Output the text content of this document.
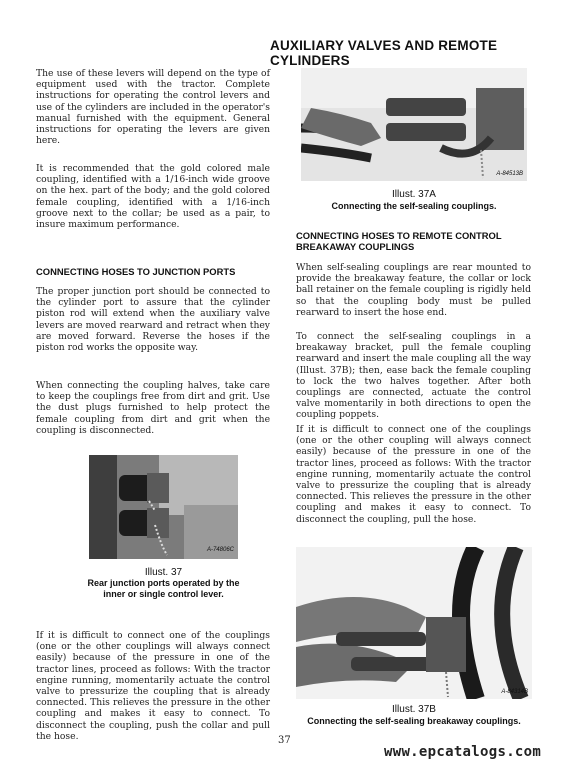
AUXILIARY VALVES AND REMOTE CYLINDERS

The use of these levers will depend on the type of equipment used with the tractor. Complete instructions for operating the control levers and use of the cylinders are included in the operator's manual furnished with the equipment. General instructions for operating the levers are given here.

It is recommended that the gold colored male coupling, identified with a 1/16-inch wide groove on the hex. part of the body; and the gold colored female coupling, identified with a 1/16-inch groove next to the collar; be used as a pair, to insure maximum performance.

CONNECTING HOSES TO JUNCTION PORTS

The proper junction port should be connected to the cylinder port to assure that the cylinder piston rod will extend when the auxiliary valve levers are moved rearward and retract when they are moved forward. Reverse the hoses if the piston rod works the opposite way.

When connecting the coupling halves, take care to keep the couplings free from dirt and grit. Use the dust plugs furnished to help protect the female coupling from dirt and grit when the coupling is disconnected.

A-74806C

Illust. 37

Rear junction ports operated by the inner or single control lever.

If it is difficult to connect one of the couplings (one or the other couplings will always connect easily) because of the pressure in one of the tractor lines, proceed as follows: With the tractor engine running, momentarily actuate the control valve to pressurize the coupling that is already connected. This relieves the pressure in the other coupling and makes it easy to connect. To disconnect the coupling, push the collar and pull the hose.

A-84513B

Illust. 37A

Connecting the self-sealing couplings.

CONNECTING HOSES TO REMOTE CONTROL BREAKAWAY COUPLINGS

When self-sealing couplings are rear mounted to provide the breakaway feature, the collar or lock ball retainer on the female coupling is rigidly held so that the coupling body must be pulled rearward to insert the hose end.

To connect the self-sealing couplings in a breakaway bracket, pull the female coupling rearward and insert the male coupling all the way (Illust. 37B); then, ease back the female coupling to lock the two halves together. After both couplings are connected, actuate the control valve momentarily in both directions to open the coupling poppets.

If it is difficult to connect one of the couplings (one or the other coupling will always connect easily) because of the pressure in one of the tractor lines, proceed as follows: With the tractor engine running, momentarily actuate the control valve to pressurize the coupling that is already connected. This relieves the pressure in the other coupling and makes it easy to connect. To disconnect the coupling, pull the hose.

A-84314B

Illust. 37B

Connecting the self-sealing breakaway couplings.

37
www.epcatalogs.com
